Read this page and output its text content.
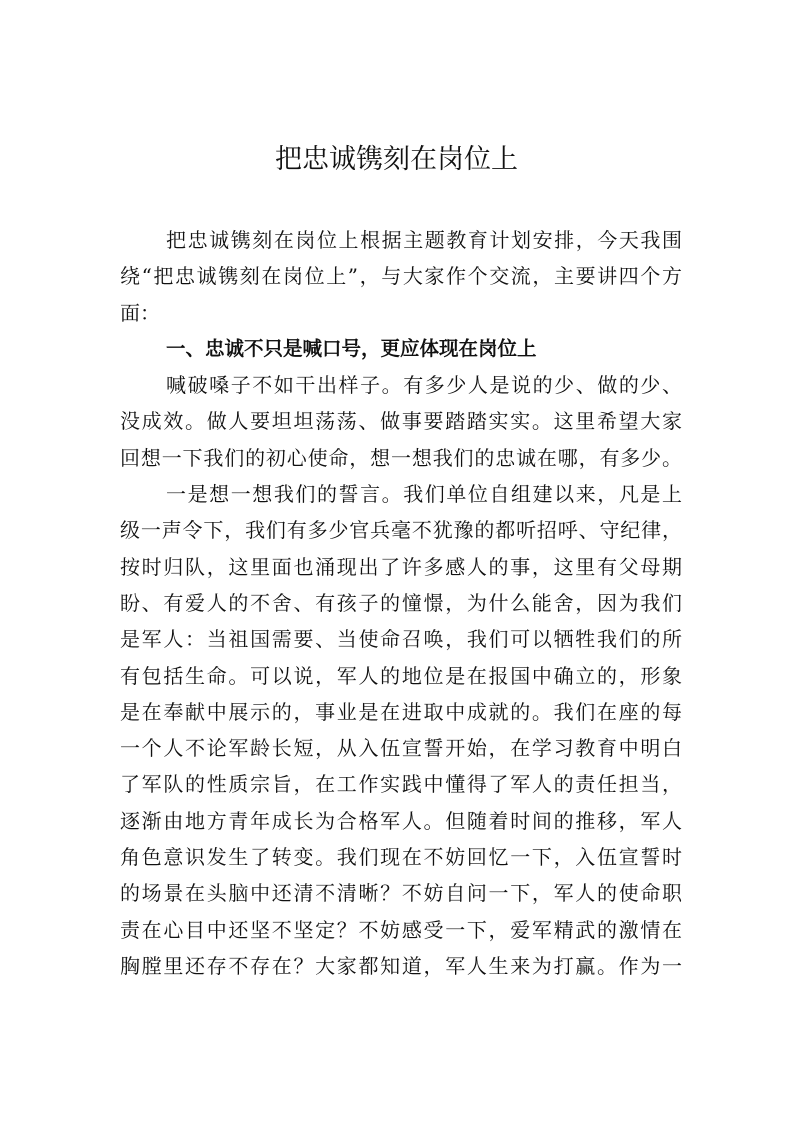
把忠诚镌刻在岗位上
把忠诚镌刻在岗位上根据主题教育计划安排，今天我围
绕“把忠诚镌刻在岗位上”，与大家作个交流，主要讲四个方
面：
一、忠诚不只是喊口号，更应体现在岗位上
喊破嗓子不如干出样子。有多少人是说的少、做的少、
没成效。做人要坦坦荡荡、做事要踏踏实实。这里希望大家
回想一下我们的初心使命，想一想我们的忠诚在哪，有多少。
一是想一想我们的誓言。我们单位自组建以来，凡是上
级一声令下，我们有多少官兵毫不犹豫的都听招呼、守纪律，
按时归队，这里面也涌现出了许多感人的事，这里有父母期
盼、有爱人的不舍、有孩子的憧憬，为什么能舍，因为我们
是军人：当祖国需要、当使命召唤，我们可以牺牲我们的所
有包括生命。可以说，军人的地位是在报国中确立的，形象
是在奉献中展示的，事业是在进取中成就的。我们在座的每
一个人不论军龄长短，从入伍宣誓开始，在学习教育中明白
了军队的性质宗旨，在工作实践中懂得了军人的责任担当，
逐渐由地方青年成长为合格军人。但随着时间的推移，军人
角色意识发生了转变。我们现在不妨回忆一下，入伍宣誓时
的场景在头脑中还清不清晰？不妨自问一下，军人的使命职
责在心目中还坚不坚定？不妨感受一下，爱军精武的激情在
胸膛里还存不存在？大家都知道，军人生来为打赢。作为一
